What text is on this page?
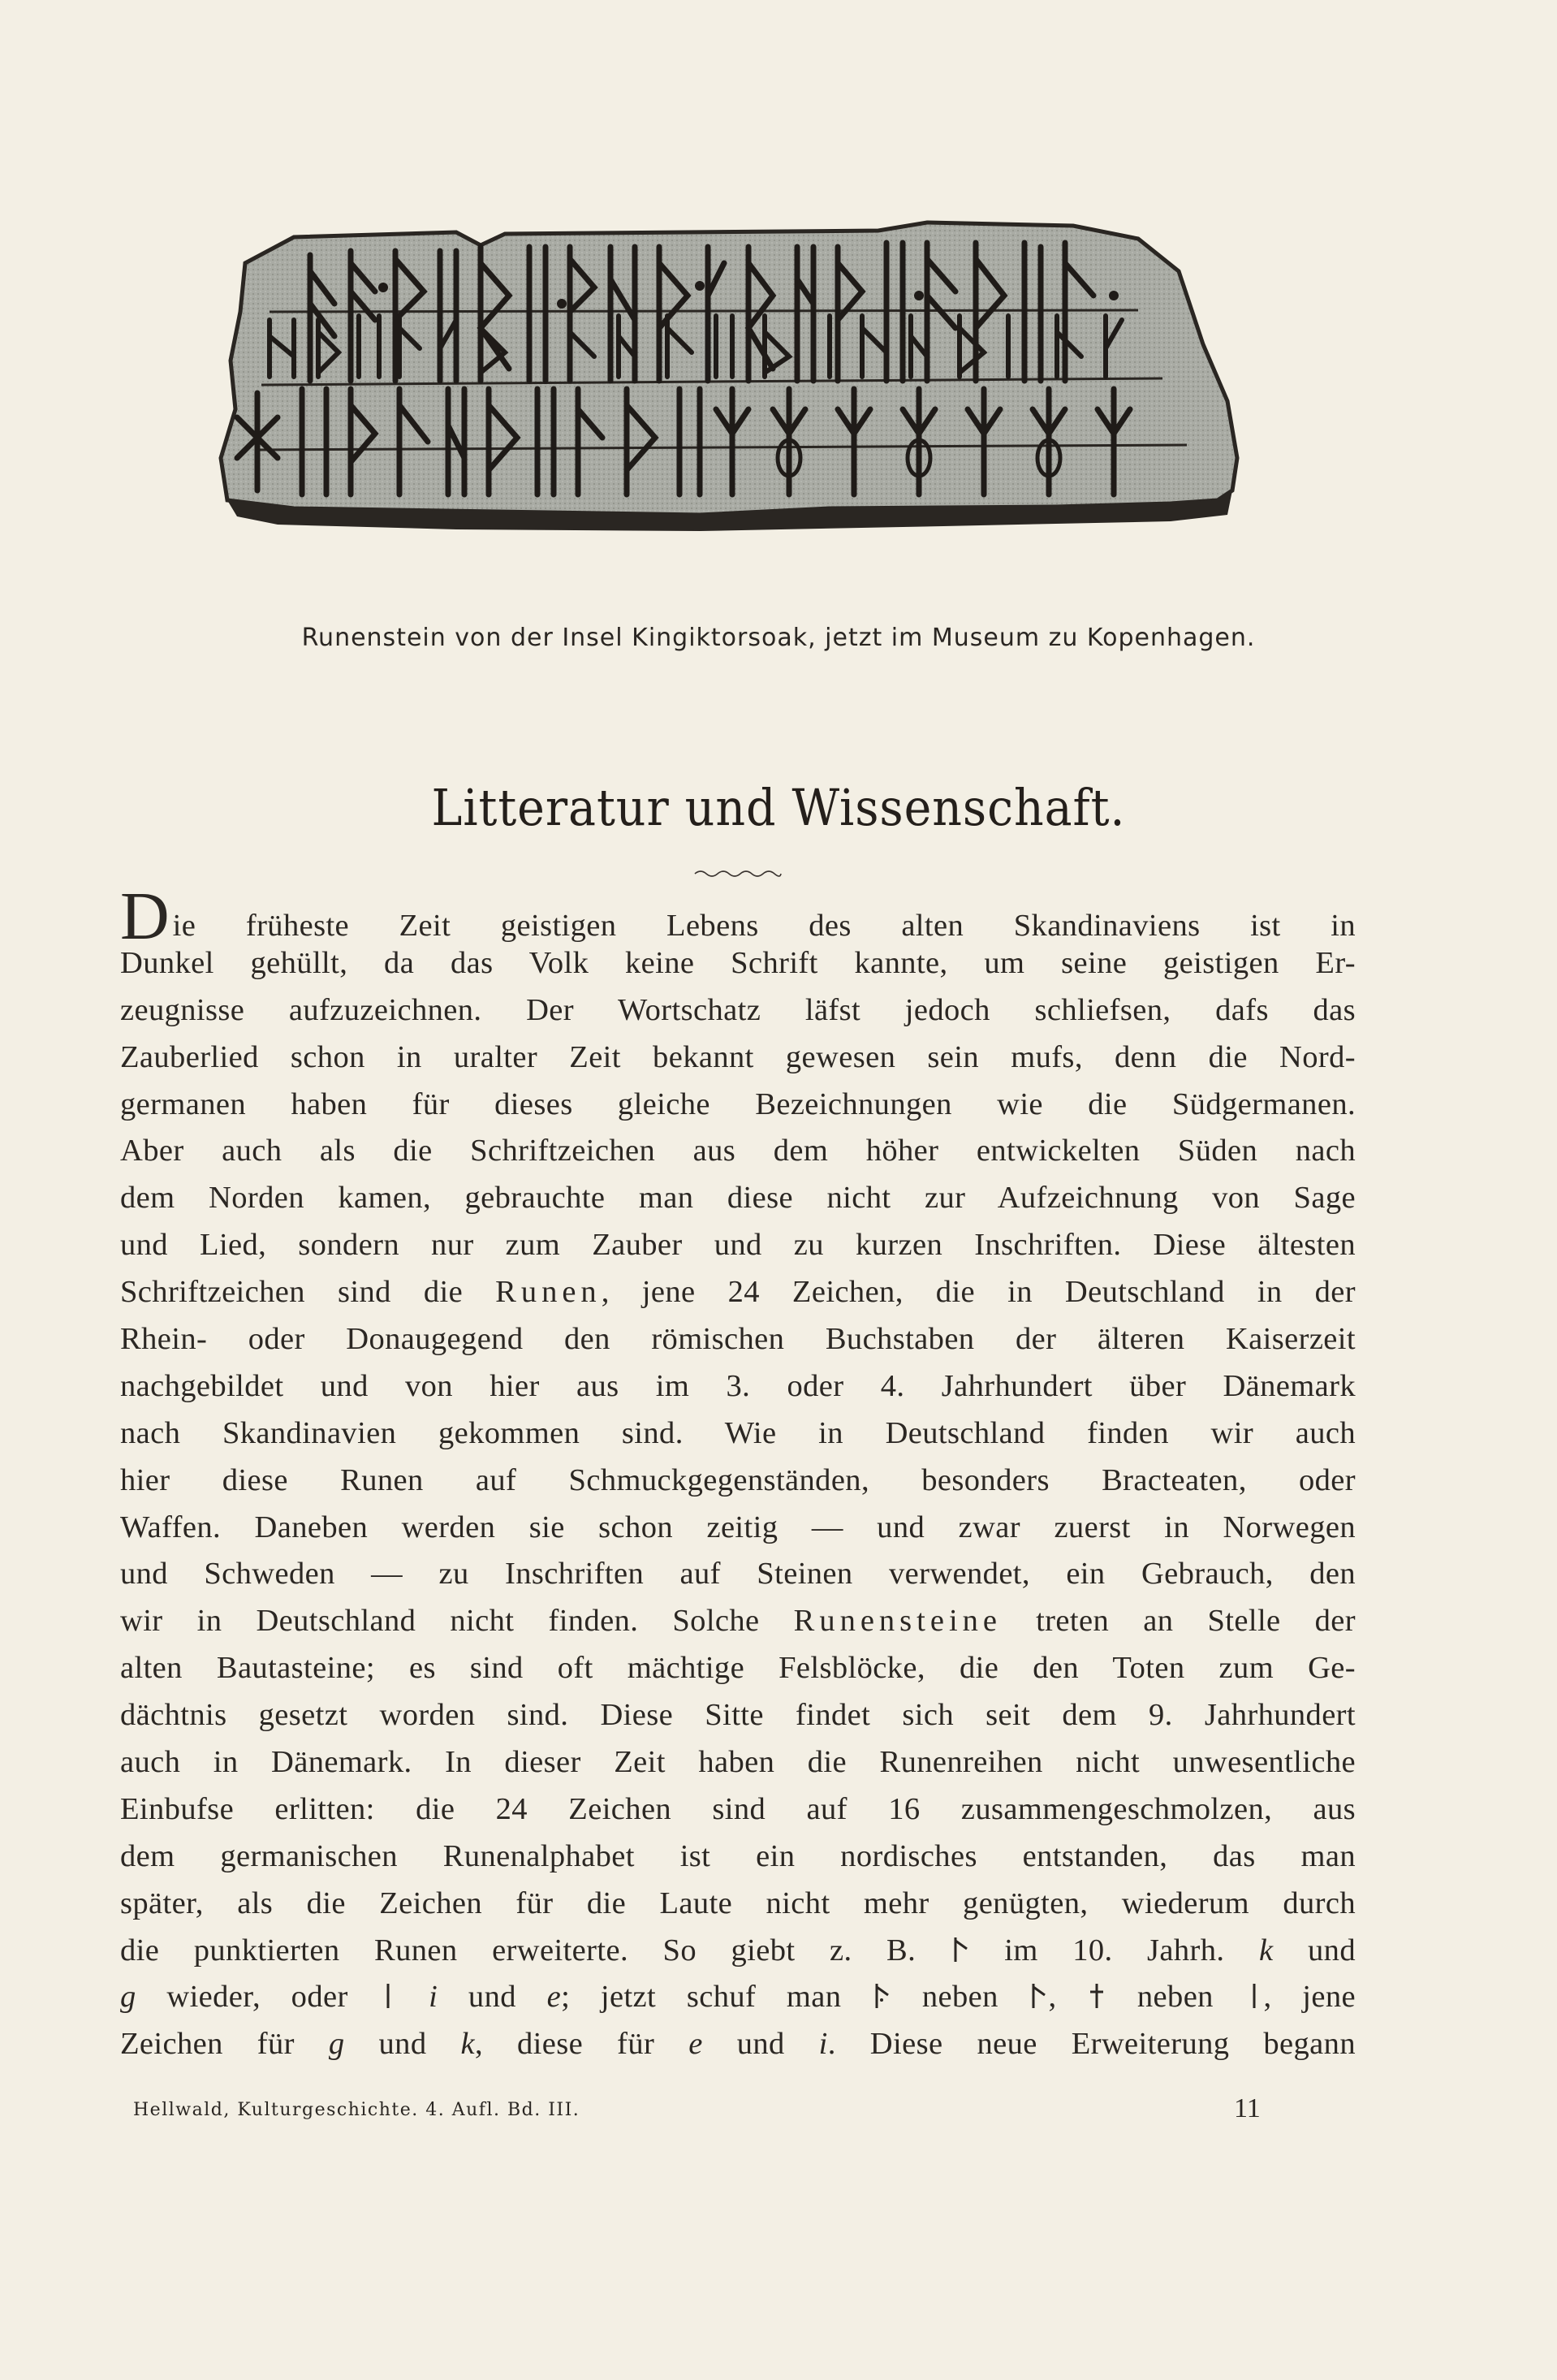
Runenstein von der Insel Kingiktorsoak, jetzt im Museum zu Kopenhagen.
Litteratur und Wissenschaft.
Die früheste Zeit geistigen Lebens des alten Skandinaviens ist in
Dunkel gehüllt, da das Volk keine Schrift kannte, um seine geistigen Er-
zeugnisse aufzuzeichnen. Der Wortschatz läfst jedoch schliefsen, dafs das
Zauberlied schon in uralter Zeit bekannt gewesen sein mufs, denn die Nord-
germanen haben für dieses gleiche Bezeichnungen wie die Südgermanen.
Aber auch als die Schriftzeichen aus dem höher entwickelten Süden nach
dem Norden kamen, gebrauchte man diese nicht zur Aufzeichnung von Sage
und Lied, sondern nur zum Zauber und zu kurzen Inschriften. Diese ältesten
Schriftzeichen sind die Runen, jene 24 Zeichen, die in Deutschland in der
Rhein- oder Donaugegend den römischen Buchstaben der älteren Kaiserzeit
nachgebildet und von hier aus im 3. oder 4. Jahrhundert über Dänemark
nach Skandinavien gekommen sind. Wie in Deutschland finden wir auch
hier diese Runen auf Schmuckgegenständen, besonders Bracteaten, oder
Waffen. Daneben werden sie schon zeitig — und zwar zuerst in Norwegen
und Schweden — zu Inschriften auf Steinen verwendet, ein Gebrauch, den
wir in Deutschland nicht finden. Solche Runensteine treten an Stelle der
alten Bautasteine; es sind oft mächtige Felsblöcke, die den Toten zum Ge-
dächtnis gesetzt worden sind. Diese Sitte findet sich seit dem 9. Jahrhundert
auch in Dänemark. In dieser Zeit haben die Runenreihen nicht unwesentliche
Einbufse erlitten: die 24 Zeichen sind auf 16 zusammengeschmolzen, aus
dem germanischen Runenalphabet ist ein nordisches entstanden, das man
später, als die Zeichen für die Laute nicht mehr genügten, wiederum durch
die punktierten Runen erweiterte. So giebt z. B.	im 10. Jahrh. k und
g wieder, oder	i und e; jetzt schuf man	neben ,	neben , jene
Zeichen für g und k, diese für e und i. Diese neue Erweiterung begann
Hellwald, Kulturgeschichte. 4. Aufl. Bd. III.	11
